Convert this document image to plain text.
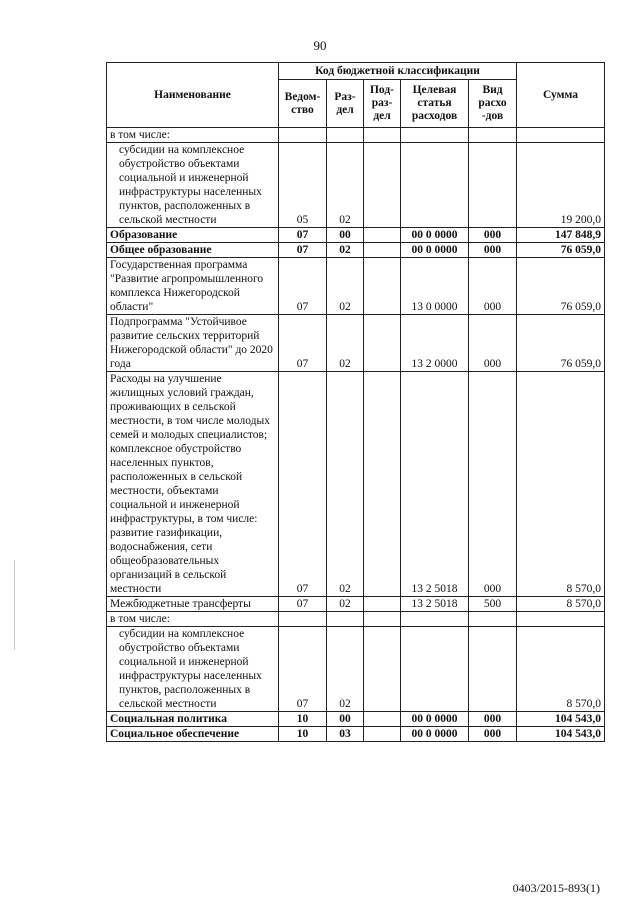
90
Наименование	Код бюджетной классификации					Сумма
	Ведом-ство	Раз-дел	Под-раз-дел	Целевая статья расходов	Вид расхо -дов	
в том числе:						
субсидии на комплексное обустройство объектами социальной и инженерной инфраструктуры населенных пунктов, расположенных в сельской местности	05	02				19 200,0
Образование	07	00		00 0 0000	000	147 848,9
Общее образование	07	02		00 0 0000	000	76 059,0
Государственная программа "Развитие агропромышленного комплекса Нижегородской области"	07	02		13 0 0000	000	76 059,0
Подпрограмма "Устойчивое развитие сельских территорий Нижегородской области" до 2020 года	07	02		13 2 0000	000	76 059,0
Расходы на улучшение жилищных условий граждан, проживающих в сельской местности, в том числе молодых семей и молодых специалистов; комплексное обустройство населенных пунктов, расположенных в сельской местности, объектами социальной и инженерной инфраструктуры, в том числе: развитие газификации, водоснабжения, сети общеобразовательных организаций в сельской местности	07	02		13 2 5018	000	8 570,0
Межбюджетные трансферты	07	02		13 2 5018	500	8 570,0
в том числе:						
субсидии на комплексное обустройство объектами социальной и инженерной инфраструктуры населенных пунктов, расположенных в сельской местности	07	02				8 570,0
Социальная политика	10	00		00 0 0000	000	104 543,0
Социальное обеспечение	10	03		00 0 0000	000	104 543,0
0403/2015-893(1)
